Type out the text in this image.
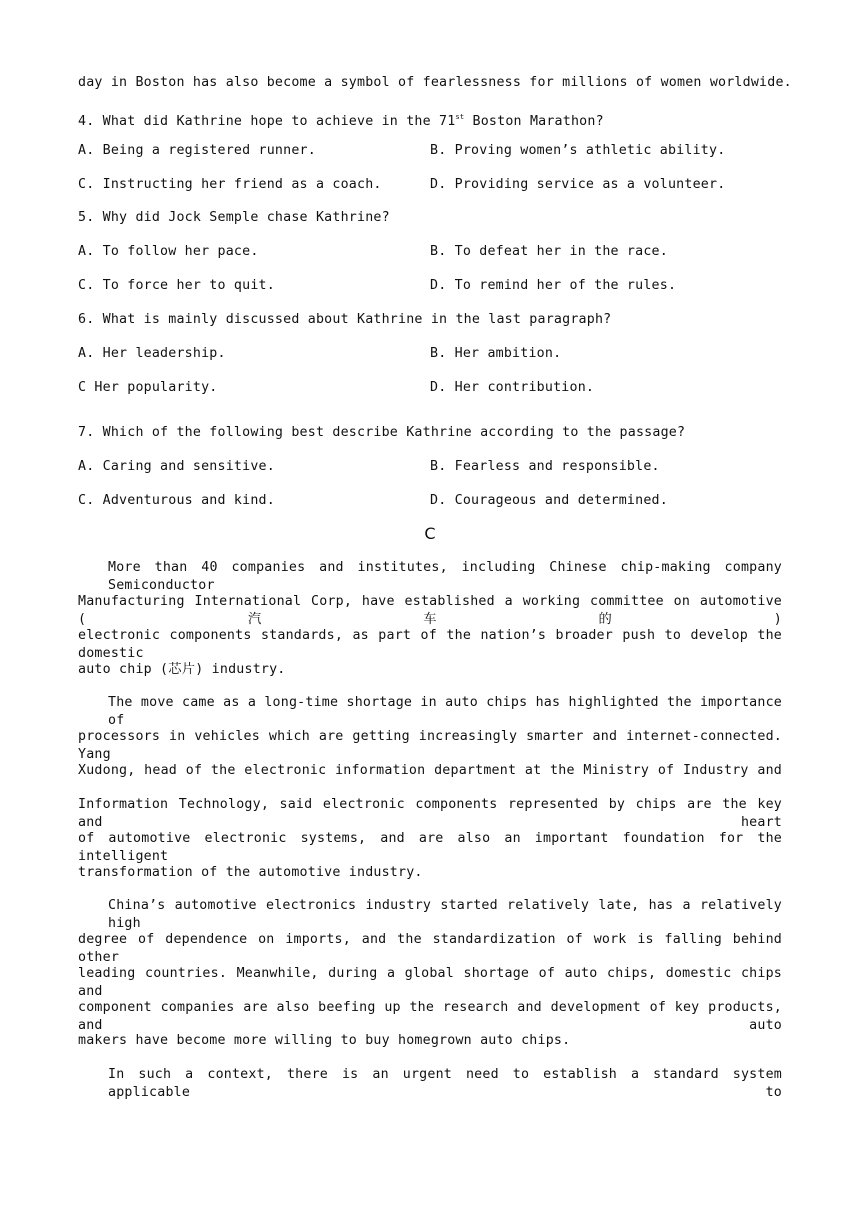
day in Boston has also become a symbol of fearlessness for millions of women worldwide.
4. What did Kathrine hope to achieve in the 71st Boston Marathon?
A. Being a registered runner.	B. Proving women’s athletic ability.
C. Instructing her friend as a coach.	D. Providing service as a volunteer.
5. Why did Jock Semple chase Kathrine?
A. To follow her pace.	B. To defeat her in the race.
C. To force her to quit.	D. To remind her of the rules.
6. What is mainly discussed about Kathrine in the last paragraph?
A. Her leadership.	B. Her ambition.
C Her popularity.	D. Her contribution.
7. Which of the following best describe Kathrine according to the passage?
A. Caring and sensitive.	B. Fearless and responsible.
C. Adventurous and kind.	D. Courageous and determined.
C
More than 40 companies and institutes, including Chinese chip-making company Semiconductor
Manufacturing International Corp, have established a working committee on automotive (汽车的)
electronic components standards, as part of the nation’s broader push to develop the domestic
auto chip (芯片) industry.
The move came as a long-time shortage in auto chips has highlighted the importance of
processors in vehicles which are getting increasingly smarter and internet-connected. Yang
Xudong, head of the electronic information department at the Ministry of Industry and
Information Technology, said electronic components represented by chips are the key and heart
of automotive electronic systems, and are also an important foundation for the intelligent
transformation of the automotive industry.
China’s automotive electronics industry started relatively late, has a relatively high
degree of dependence on imports, and the standardization of work is falling behind other
leading countries. Meanwhile, during a global shortage of auto chips, domestic chips and
component companies are also beefing up the research and development of key products, and auto
makers have become more willing to buy homegrown auto chips.
In such a context, there is an urgent need to establish a standard system applicable to
